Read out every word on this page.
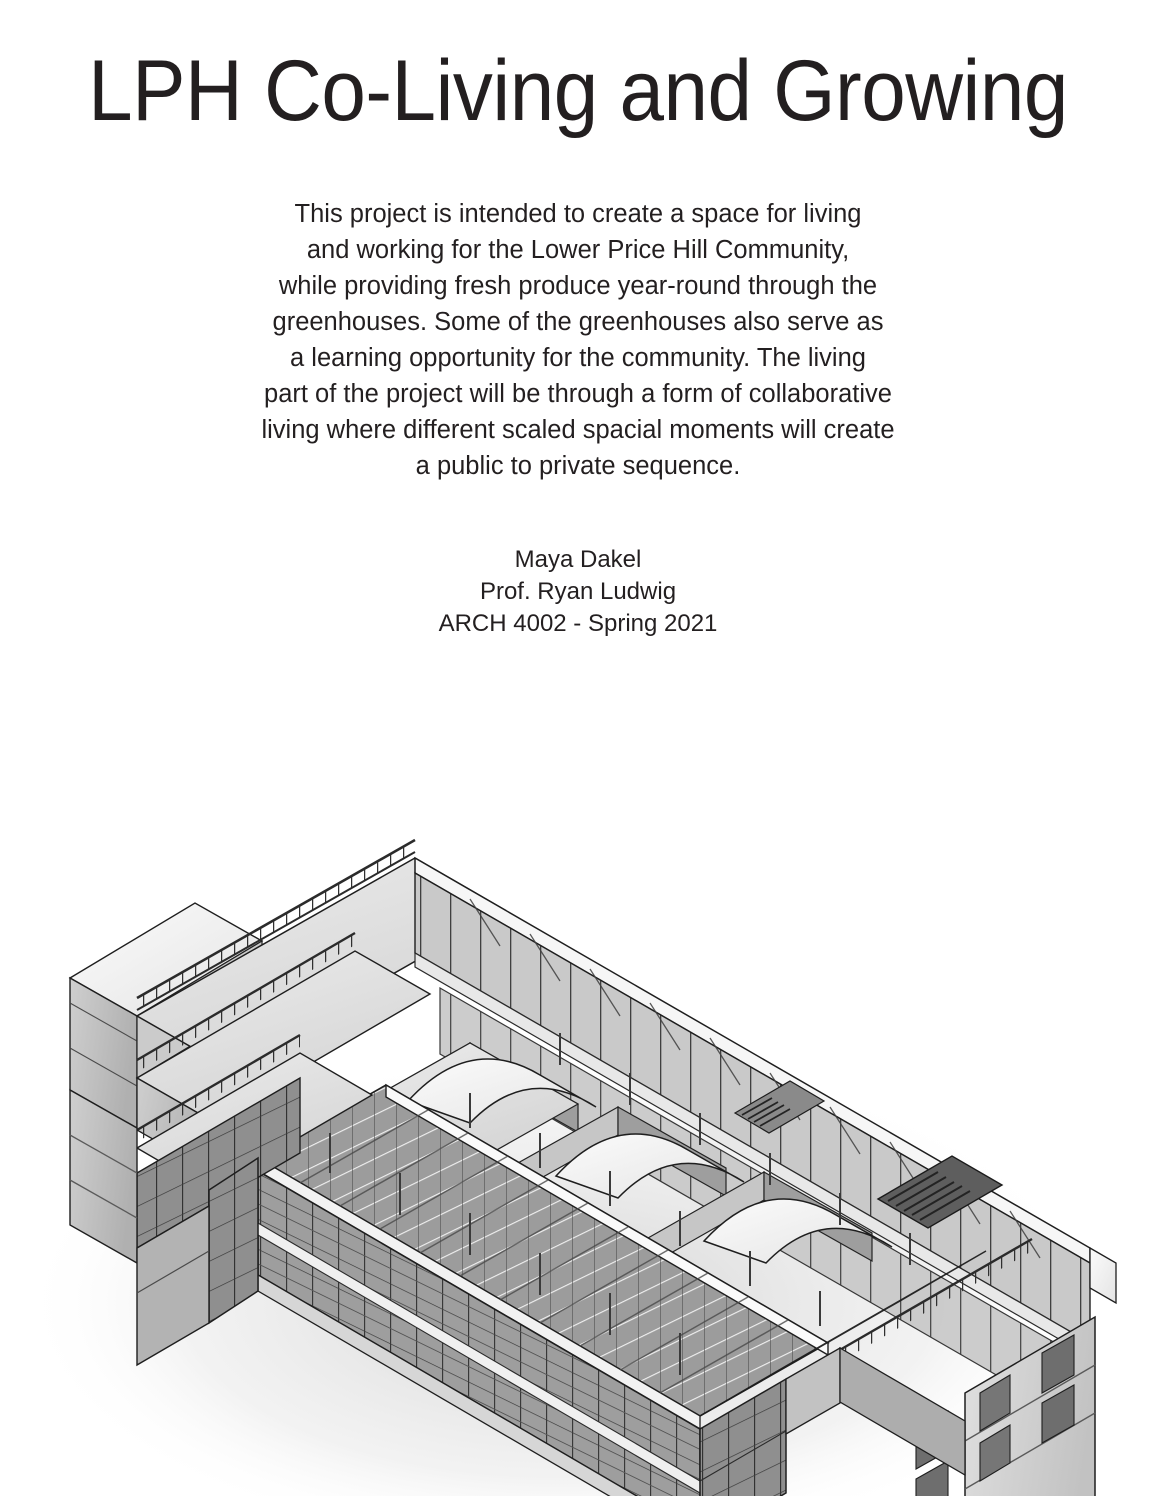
LPH Co-Living and Growing
This project is intended to create a space for living
and working for the Lower Price Hill Community,
while providing fresh produce year-round through the
greenhouses. Some of the greenhouses also serve as
a learning opportunity for the community. The living
part of the project will be through a form of collaborative
living where different scaled spacial moments will create
a public to private sequence.
Maya Dakel
Prof. Ryan Ludwig
ARCH 4002 - Spring 2021
